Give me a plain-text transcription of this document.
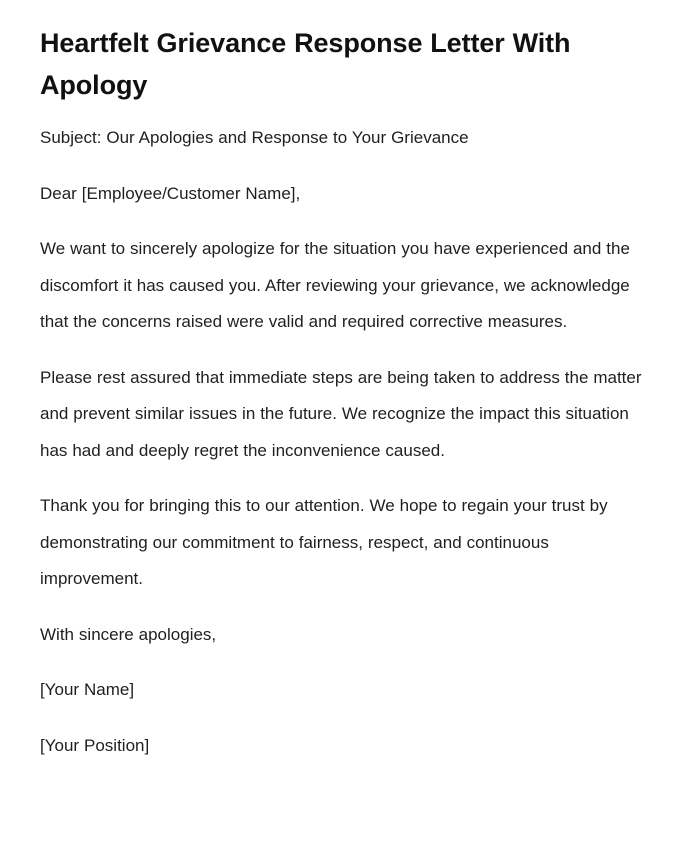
Heartfelt Grievance Response Letter With Apology

Subject: Our Apologies and Response to Your Grievance

Dear [Employee/Customer Name],

We want to sincerely apologize for the situation you have experienced and the discomfort it has caused you. After reviewing your grievance, we acknowledge that the concerns raised were valid and required corrective measures.

Please rest assured that immediate steps are being taken to address the matter and prevent similar issues in the future. We recognize the impact this situation has had and deeply regret the inconvenience caused.

Thank you for bringing this to our attention. We hope to regain your trust by demonstrating our commitment to fairness, respect, and continuous improvement.

With sincere apologies,

[Your Name]

[Your Position]
